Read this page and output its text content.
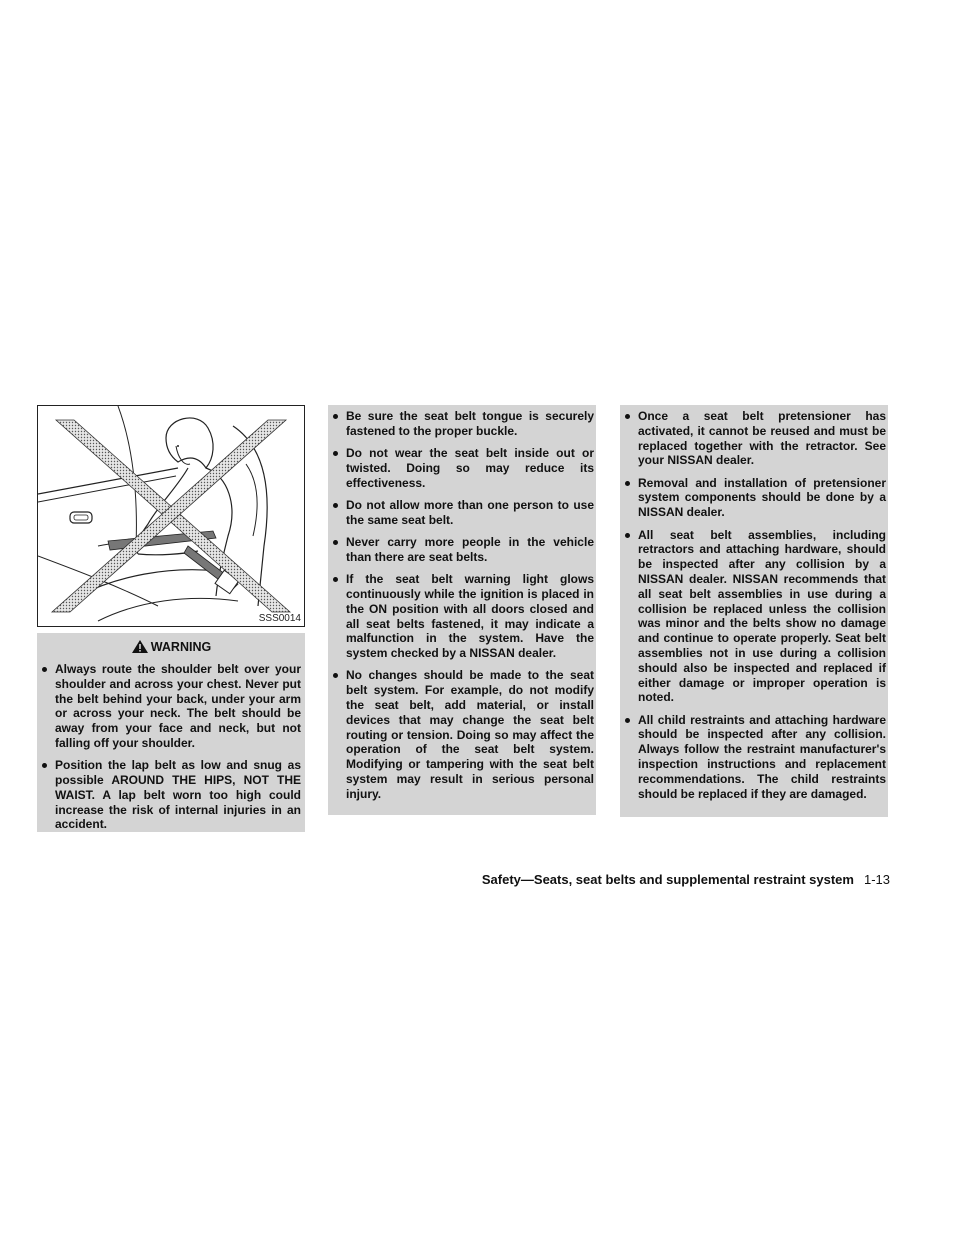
SSS0014
WARNING
Always route the shoulder belt over your shoulder and across your chest. Never put the belt behind your back, under your arm or across your neck. The belt should be away from your face and neck, but not falling off your shoulder.
Position the lap belt as low and snug as possible AROUND THE HIPS, NOT THE WAIST. A lap belt worn too high could increase the risk of internal injuries in an accident.
Be sure the seat belt tongue is securely fastened to the proper buckle.
Do not wear the seat belt inside out or twisted. Doing so may reduce its effectiveness.
Do not allow more than one person to use the same seat belt.
Never carry more people in the vehicle than there are seat belts.
If the seat belt warning light glows continuously while the ignition is placed in the ON position with all doors closed and all seat belts fastened, it may indicate a malfunction in the system. Have the system checked by a NISSAN dealer.
No changes should be made to the seat belt system. For example, do not modify the seat belt, add material, or install devices that may change the seat belt routing or tension. Doing so may affect the operation of the seat belt system. Modifying or tampering with the seat belt system may result in serious personal injury.
Once a seat belt pretensioner has activated, it cannot be reused and must be replaced together with the retractor. See your NISSAN dealer.
Removal and installation of pretensioner system components should be done by a NISSAN dealer.
All seat belt assemblies, including retractors and attaching hardware, should be inspected after any collision by a NISSAN dealer. NISSAN recommends that all seat belt assemblies in use during a collision be replaced unless the collision was minor and the belts show no damage and continue to operate properly. Seat belt assemblies not in use during a collision should also be inspected and replaced if either damage or improper operation is noted.
All child restraints and attaching hardware should be inspected after any collision. Always follow the restraint manufacturer's inspection instructions and replacement recommendations. The child restraints should be replaced if they are damaged.
Safety—Seats, seat belts and supplemental restraint system 1-13
